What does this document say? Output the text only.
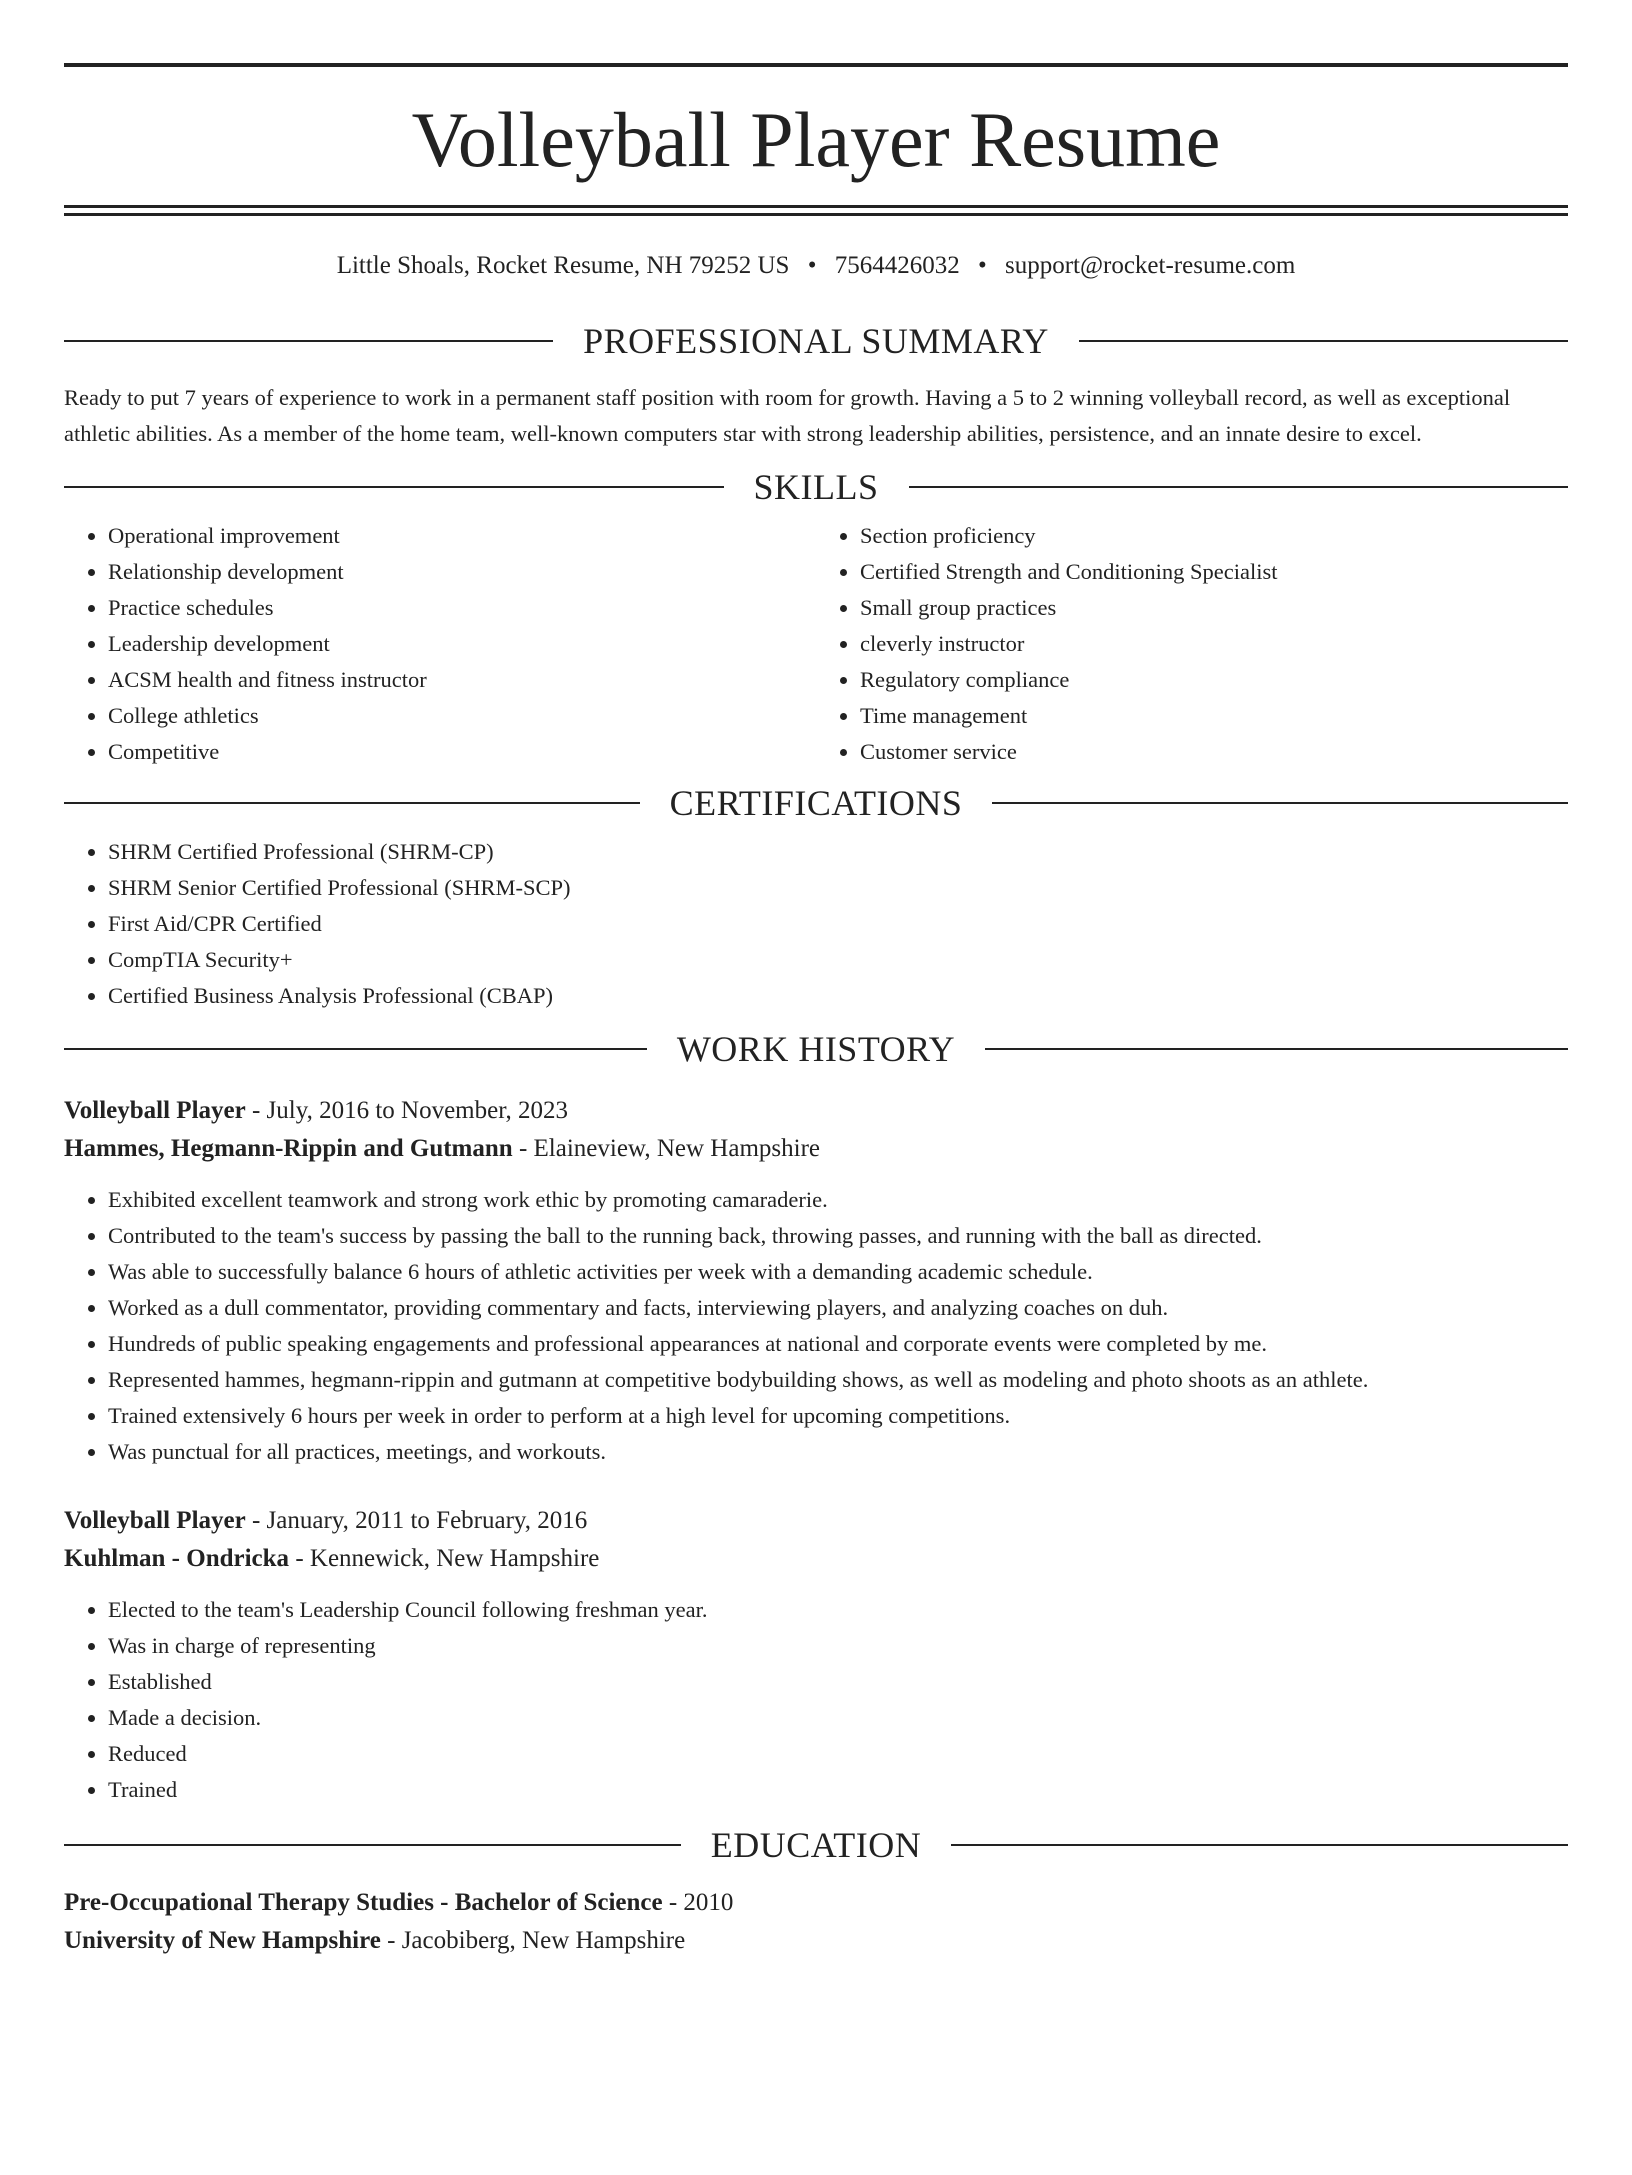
Volleyball Player Resume
Little Shoals, Rocket Resume, NH 79252 US • 7564426032 • support@rocket-resume.com
PROFESSIONAL SUMMARY

Ready to put 7 years of experience to work in a permanent staff position with room for growth. Having a 5 to 2 winning volleyball record, as well as exceptional athletic abilities. As a member of the home team, well-known computers star with strong leadership abilities, persistence, and an innate desire to excel.

SKILLS
• Operational improvement
• Relationship development
• Practice schedules
• Leadership development
• ACSM health and fitness instructor
• College athletics
• Competitive
• Section proficiency
• Certified Strength and Conditioning Specialist
• Small group practices
• cleverly instructor
• Regulatory compliance
• Time management
• Customer service
CERTIFICATIONS
• SHRM Certified Professional (SHRM-CP)
• SHRM Senior Certified Professional (SHRM-SCP)
• First Aid/CPR Certified
• CompTIA Security+
• Certified Business Analysis Professional (CBAP)
WORK HISTORY
Volleyball Player - July, 2016 to November, 2023
Hammes, Hegmann-Rippin and Gutmann - Elaineview, New Hampshire
• Exhibited excellent teamwork and strong work ethic by promoting camaraderie.
• Contributed to the team's success by passing the ball to the running back, throwing passes, and running with the ball as directed.
• Was able to successfully balance 6 hours of athletic activities per week with a demanding academic schedule.
• Worked as a dull commentator, providing commentary and facts, interviewing players, and analyzing coaches on duh.
• Hundreds of public speaking engagements and professional appearances at national and corporate events were completed by me.
• Represented hammes, hegmann-rippin and gutmann at competitive bodybuilding shows, as well as modeling and photo shoots as an athlete.
• Trained extensively 6 hours per week in order to perform at a high level for upcoming competitions.
• Was punctual for all practices, meetings, and workouts.
Volleyball Player - January, 2011 to February, 2016
Kuhlman - Ondricka - Kennewick, New Hampshire
• Elected to the team's Leadership Council following freshman year.
• Was in charge of representing
• Established
• Made a decision.
• Reduced
• Trained
EDUCATION
Pre-Occupational Therapy Studies - Bachelor of Science - 2010
University of New Hampshire - Jacobiberg, New Hampshire
